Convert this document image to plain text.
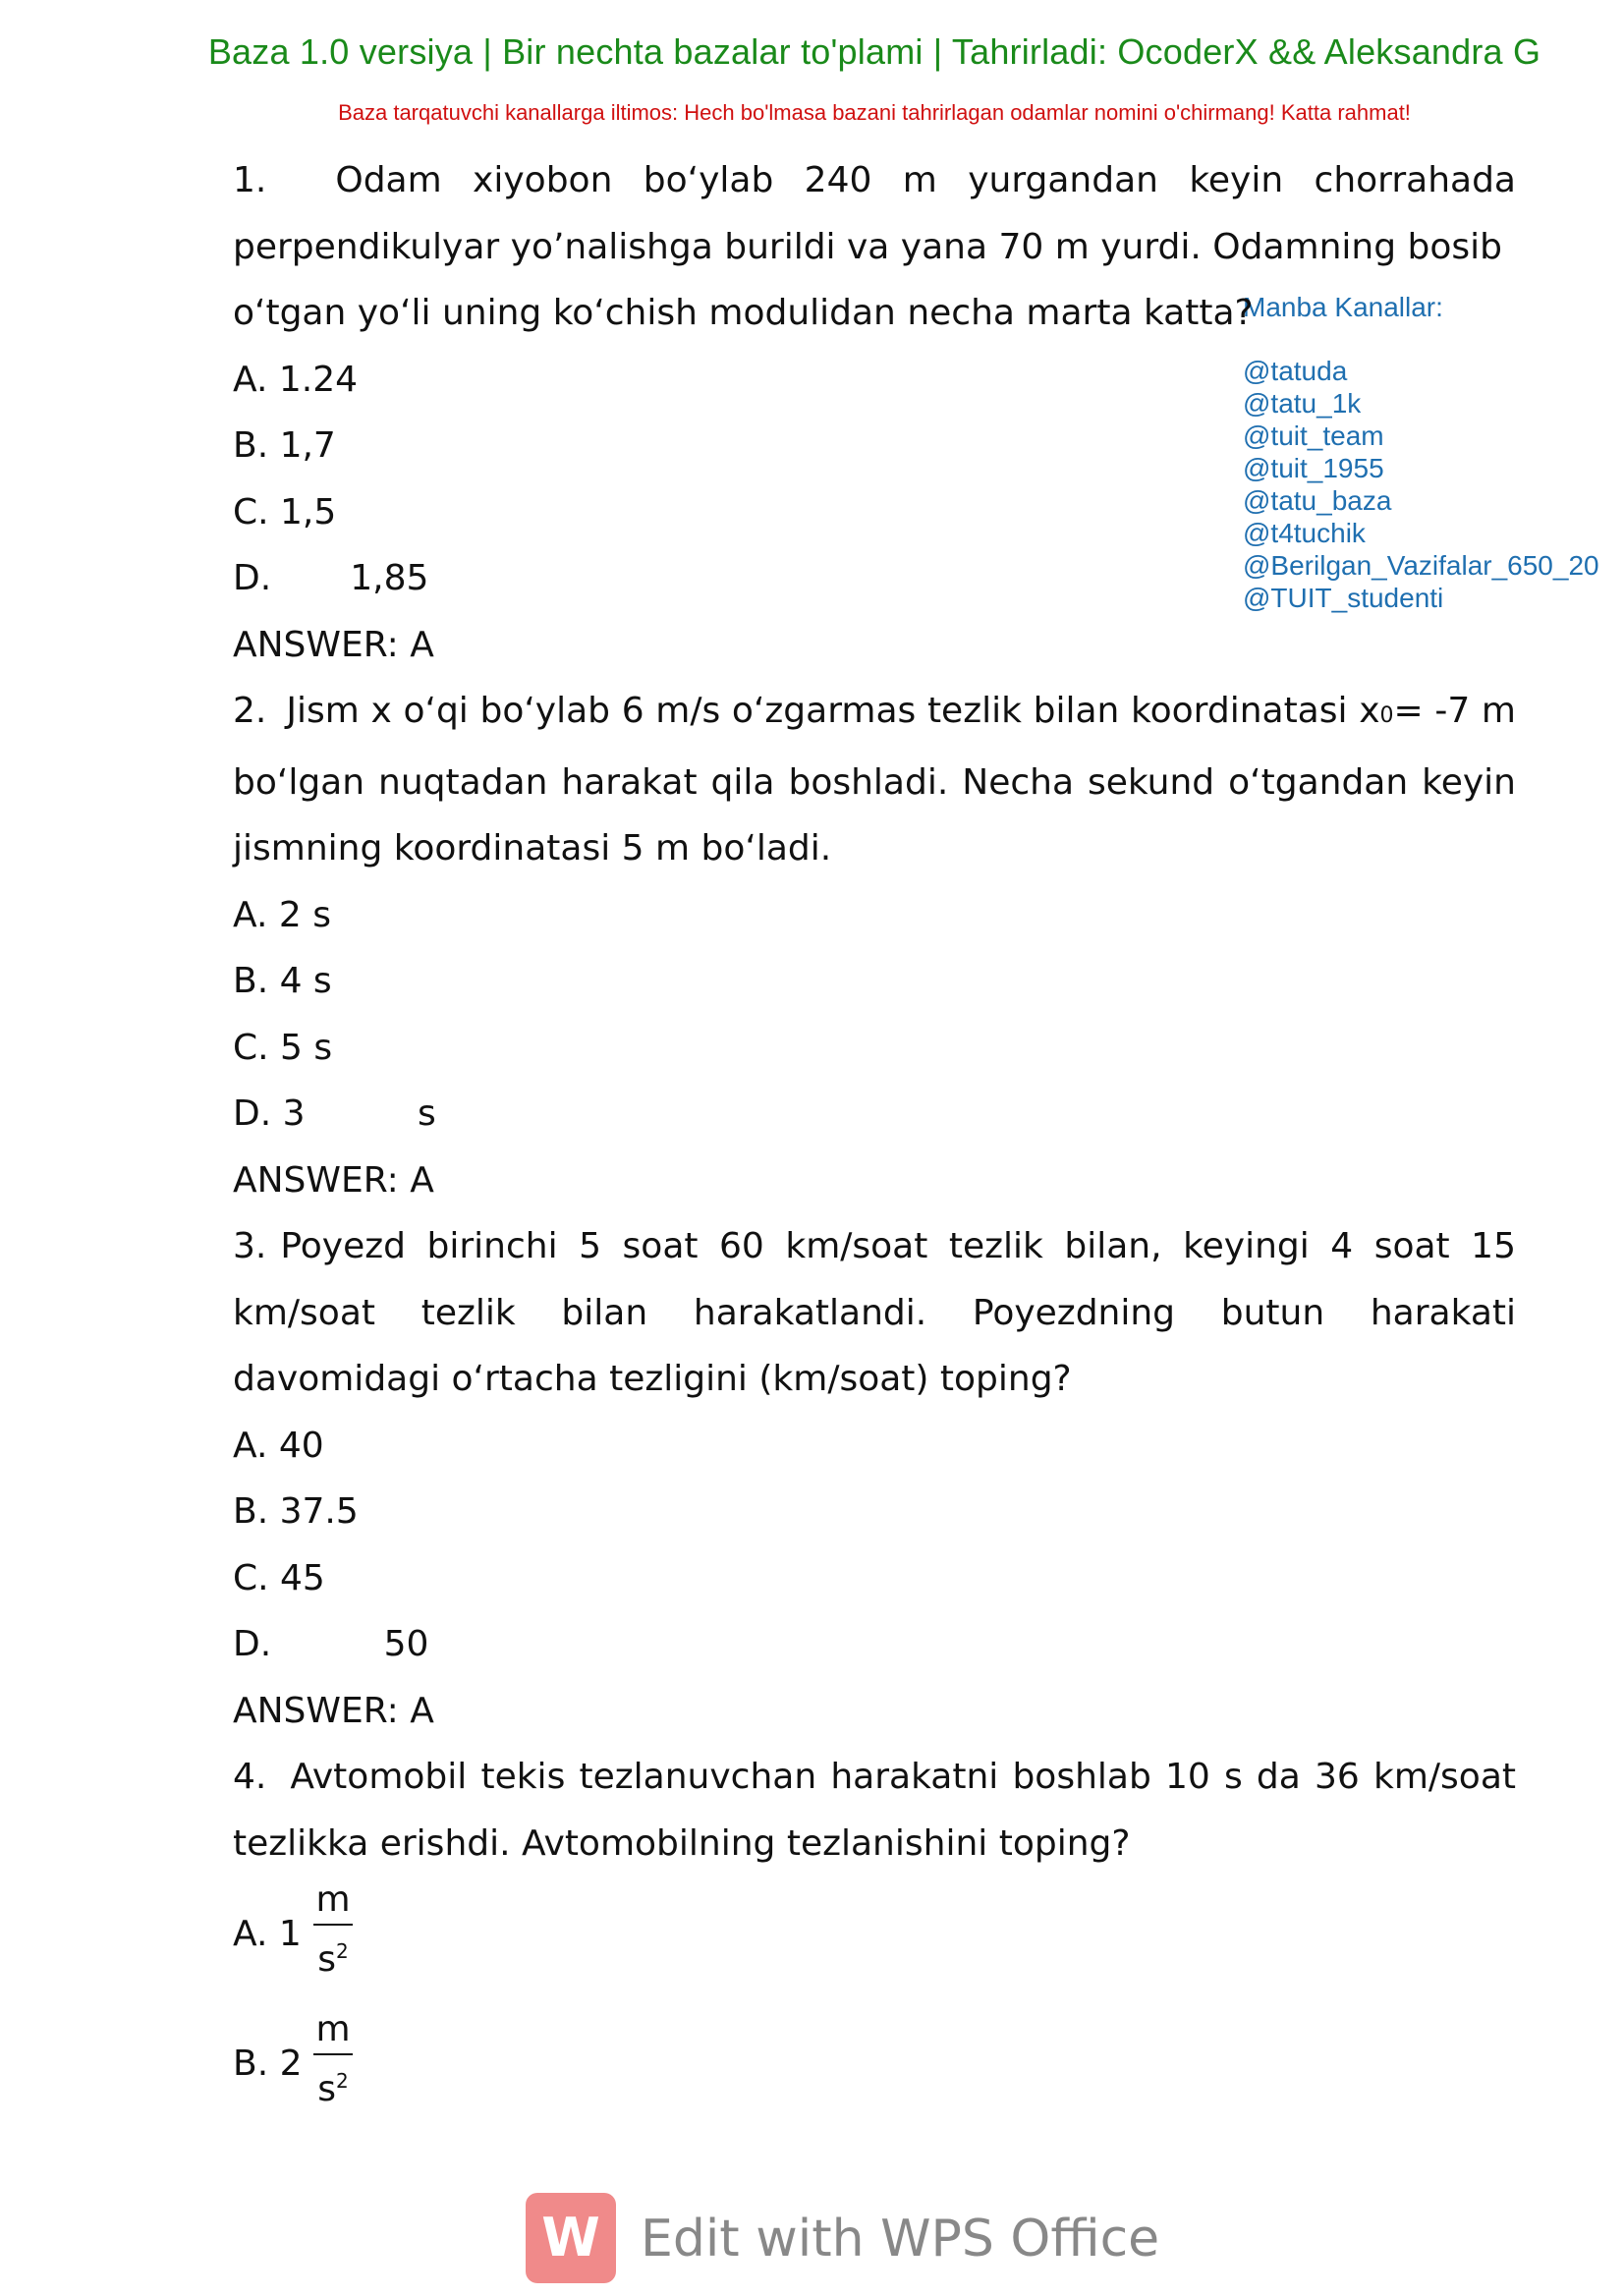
Baza 1.0 versiya | Bir nechta bazalar to'plami | Tahrirladi: OcoderX && Aleksandra G
Baza tarqatuvchi kanallarga iltimos: Hech bo'lmasa bazani tahrirlagan odamlar nomini o'chirmang! Katta rahmat!
Manba Kanallar:
@tatuda
@tatu_1k
@tuit_team
@tuit_1955
@tatu_baza
@t4tuchik
@Berilgan_Vazifalar_650_20
@TUIT_studenti
1. Odam xiyobon boʻylab 240 m yurgandan keyin chorrahada perpendikulyar yo’nalishga burildi va yana 70 m yurdi. Odamning bosib
oʻtgan yoʻli uning koʻchish modulidan necha marta katta?
A. 1.24
B. 1,7
C. 1,5
D.       1,85
ANSWER: A
2. Jism x oʻqi boʻylab 6 m/s oʻzgarmas tezlik bilan koordinatasi x0= -7 m boʻlgan nuqtadan harakat qila boshladi. Necha sekund oʻtgandan keyin jismning koordinatasi 5 m boʻladi.
A. 2 s
B. 4 s
C. 5 s
D. 3          s
ANSWER: A
3. Poyezd birinchi 5 soat 60 km/soat tezlik bilan, keyingi 4 soat 15 km/soat tezlik bilan harakatlandi. Poyezdning butun harakati davomidagi oʻrtacha tezligini (km/soat) toping?
A. 40
B. 37.5
C. 45
D.          50
ANSWER: A
4. Avtomobil tekis tezlanuvchan harakatni boshlab 10 s da 36 km/soat tezlikka erishdi. Avtomobilning tezlanishini toping?
A. $1 \frac{m}{s^2}$
B. $2 \frac{m}{s^2}$
W Edit with WPS Office
